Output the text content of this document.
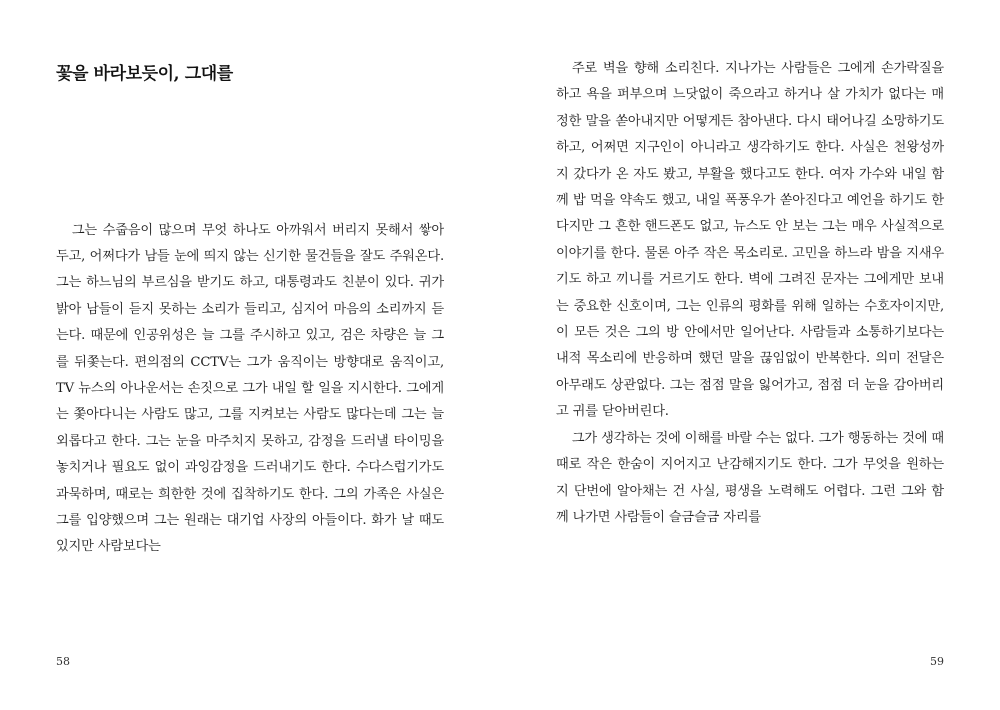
꽃을 바라보듯이, 그대를

그는 수줍음이 많으며 무엇 하나도 아까워서 버리지 못해서 쌓아두고, 어쩌다가 남들 눈에 띄지 않는 신기한 물건들을 잘도 주워온다. 그는 하느님의 부르심을 받기도 하고, 대통령과도 친분이 있다. 귀가 밝아 남들이 듣지 못하는 소리가 들리고, 심지어 마음의 소리까지 듣는다. 때문에 인공위성은 늘 그를 주시하고 있고, 검은 차량은 늘 그를 뒤쫓는다. 편의점의 CCTV는 그가 움직이는 방향대로 움직이고, TV 뉴스의 아나운서는 손짓으로 그가 내일 할 일을 지시한다. 그에게는 쫓아다니는 사람도 많고, 그를 지켜보는 사람도 많다는데 그는 늘 외롭다고 한다. 그는 눈을 마주치지 못하고, 감정을 드러낼 타이밍을 놓치거나 필요도 없이 과잉감정을 드러내기도 한다. 수다스럽기가도 과묵하며, 때로는 희한한 것에 집착하기도 한다. 그의 가족은 사실은 그를 입양했으며 그는 원래는 대기업 사장의 아들이다. 화가 날 때도 있지만 사람보다는

58

주로 벽을 향해 소리친다. 지나가는 사람들은 그에게 손가락질을 하고 욕을 퍼부으며 느닷없이 죽으라고 하거나 살 가치가 없다는 매정한 말을 쏟아내지만 어떻게든 참아낸다. 다시 태어나길 소망하기도 하고, 어쩌면 지구인이 아니라고 생각하기도 한다. 사실은 천왕성까지 갔다가 온 자도 봤고, 부활을 했다고도 한다. 여자 가수와 내일 함께 밥 먹을 약속도 했고, 내일 폭풍우가 쏟아진다고 예언을 하기도 한다지만 그 흔한 핸드폰도 없고, 뉴스도 안 보는 그는 매우 사실적으로 이야기를 한다. 물론 아주 작은 목소리로. 고민을 하느라 밤을 지새우기도 하고 끼니를 거르기도 한다. 벽에 그려진 문자는 그에게만 보내는 중요한 신호이며, 그는 인류의 평화를 위해 일하는 수호자이지만, 이 모든 것은 그의 방 안에서만 일어난다. 사람들과 소통하기보다는 내적 목소리에 반응하며 했던 말을 끊임없이 반복한다. 의미 전달은 아무래도 상관없다. 그는 점점 말을 잃어가고, 점점 더 눈을 감아버리고 귀를 닫아버린다.

그가 생각하는 것에 이해를 바랄 수는 없다. 그가 행동하는 것에 때때로 작은 한숨이 지어지고 난감해지기도 한다. 그가 무엇을 원하는지 단번에 알아채는 건 사실, 평생을 노력해도 어렵다. 그런 그와 함께 나가면 사람들이 슬금슬금 자리를

59
